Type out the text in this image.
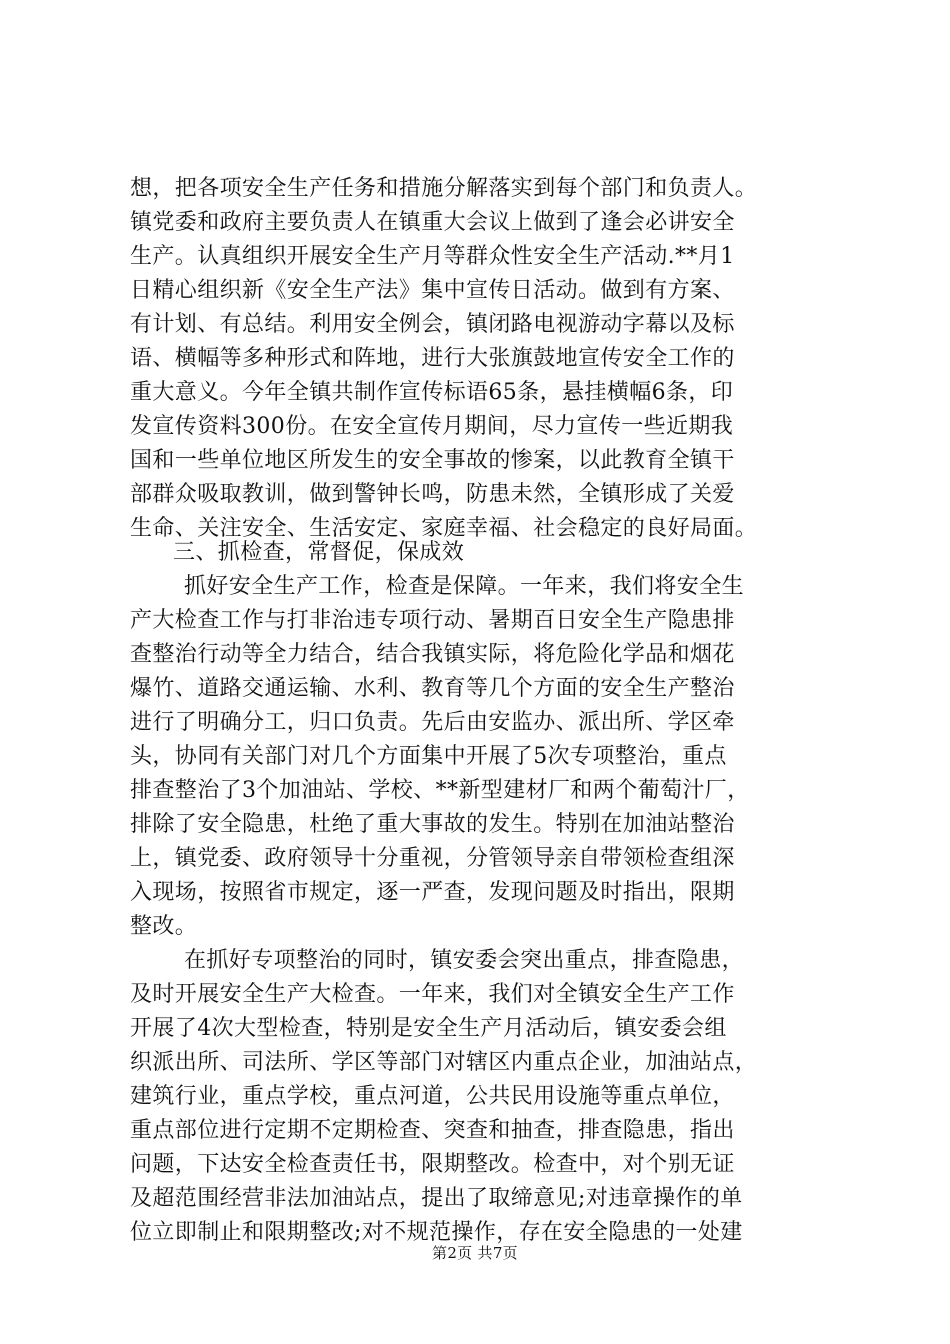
想，把各项安全生产任务和措施分解落实到每个部门和负责人。
镇党委和政府主要负责人在镇重大会议上做到了逢会必讲安全
生产。认真组织开展安全生产月等群众性安全生产活动.**月1
日精心组织新《安全生产法》集中宣传日活动。做到有方案、
有计划、有总结。利用安全例会，镇闭路电视游动字幕以及标
语、横幅等多种形式和阵地，进行大张旗鼓地宣传安全工作的
重大意义。今年全镇共制作宣传标语65条，悬挂横幅6条，印
发宣传资料300份。在安全宣传月期间，尽力宣传一些近期我
国和一些单位地区所发生的安全事故的惨案，以此教育全镇干
部群众吸取教训，做到警钟长鸣，防患未然，全镇形成了关爱
生命、关注安全、生活安定、家庭幸福、社会稳定的良好局面。
三、抓检查，常督促，保成效
抓好安全生产工作，检查是保障。一年来，我们将安全生
产大检查工作与打非治违专项行动、暑期百日安全生产隐患排
查整治行动等全力结合，结合我镇实际，将危险化学品和烟花
爆竹、道路交通运输、水利、教育等几个方面的安全生产整治
进行了明确分工，归口负责。先后由安监办、派出所、学区牵
头，协同有关部门对几个方面集中开展了5次专项整治，重点
排查整治了3个加油站、学校、**新型建材厂和两个葡萄汁厂，
排除了安全隐患，杜绝了重大事故的发生。特别在加油站整治
上，镇党委、政府领导十分重视，分管领导亲自带领检查组深
入现场，按照省市规定，逐一严查，发现问题及时指出，限期
整改。
在抓好专项整治的同时，镇安委会突出重点，排查隐患，
及时开展安全生产大检查。一年来，我们对全镇安全生产工作
开展了4次大型检查，特别是安全生产月活动后，镇安委会组
织派出所、司法所、学区等部门对辖区内重点企业，加油站点，
建筑行业，重点学校，重点河道，公共民用设施等重点单位，
重点部位进行定期不定期检查、突查和抽查，排查隐患，指出
问题，下达安全检查责任书，限期整改。检查中，对个别无证
及超范围经营非法加油站点，提出了取缔意见;对违章操作的单
位立即制止和限期整改;对不规范操作，存在安全隐患的一处建
第2页 共7页
